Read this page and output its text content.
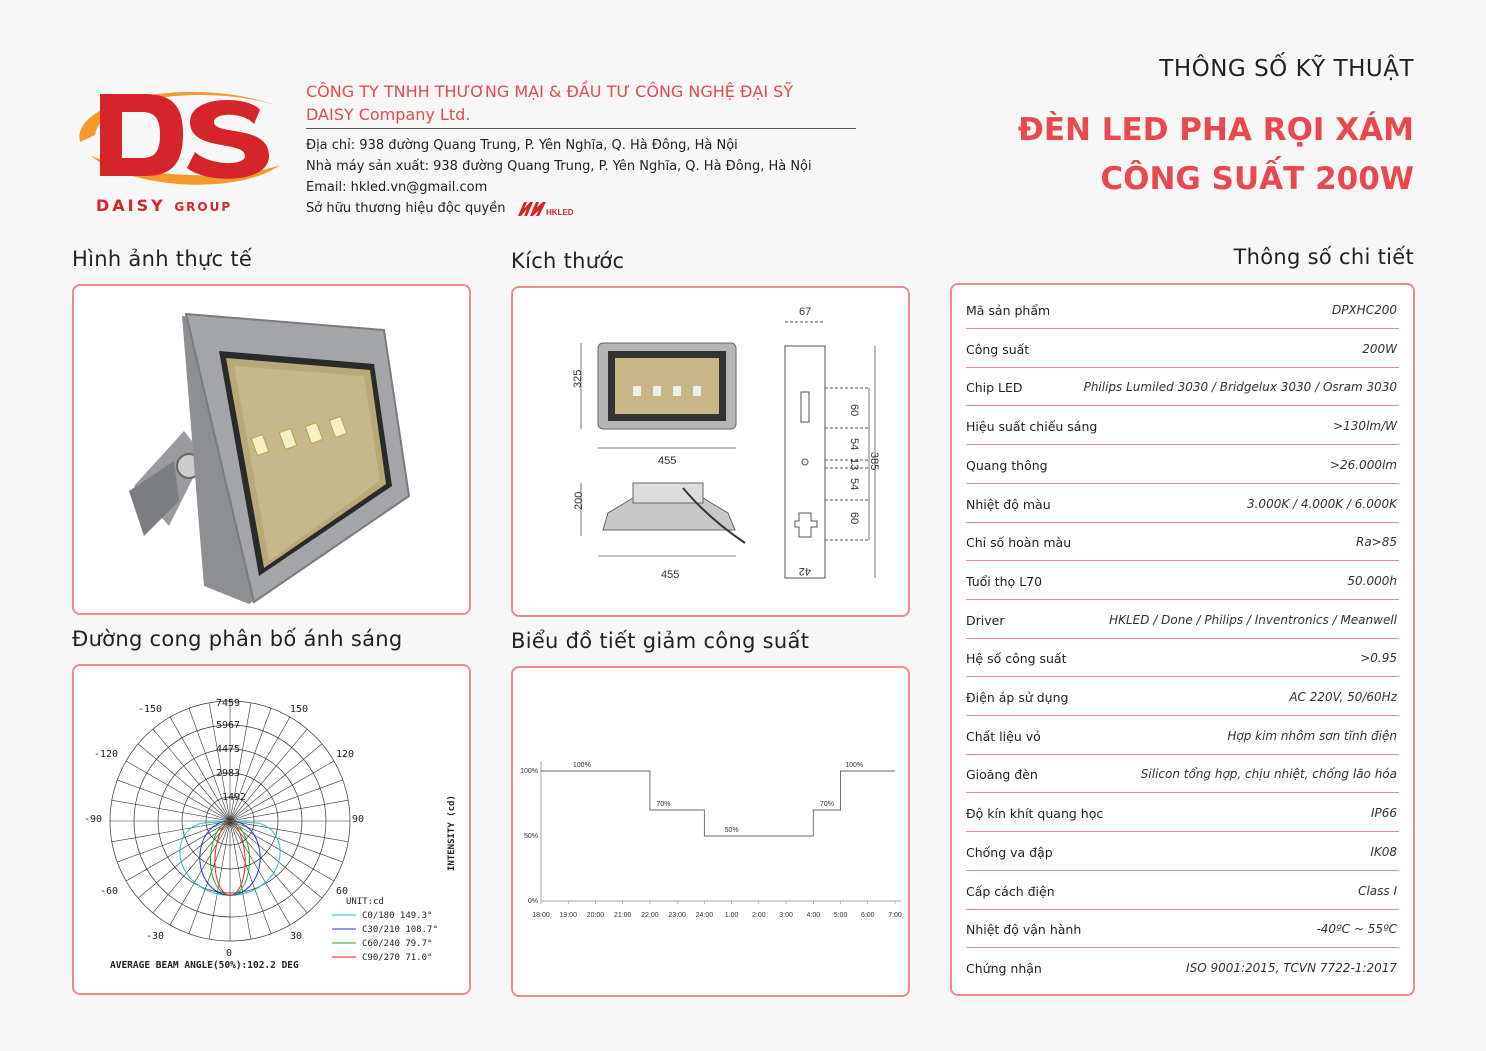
DAISY GROUP
CÔNG TY TNHH THƯƠNG MẠI & ĐẦU TƯ CÔNG NGHỆ ĐẠI SỸ
DAISY Company Ltd.
Địa chỉ: 938 đường Quang Trung, P. Yên Nghĩa, Q. Hà Đông, Hà Nội
Nhà máy sản xuất: 938 đường Quang Trung, P. Yên Nghĩa, Q. Hà Đông, Hà Nội
Email: hkled.vn@gmail.com
Sở hữu thương hiệu độc quyền	HKLED
THÔNG SỐ KỸ THUẬT
ĐÈN LED PHA RỌI XÁM
CÔNG SUẤT 200W
Hình ảnh thực tế	Kích thước	Thông số chi tiết
Đường cong phân bố ánh sáng	Biểu đồ tiết giảm công suất
325
455
200
455
67
60
54
13
54
60
385
42
7459
5967
4475
2983
1492
-150
-120
-90
-60
-30
150
120
90
60
30
0
INTENSITY (cd)
UNIT:cd
C0/180 149.3°
C30/210 108.7°
C60/240 79.7°
C90/270 71.0°
AVERAGE BEAM ANGLE(50%):102.2 DEG
0%
50%
100%
18:00 19:00 20:00 21:00 22:00 23:00 24:00 1:00 2:00 3:00 4:00 5:00 6:00 7:00
100%
70%
50%
70%
100%
Mã sản phẩm	DPXHC200
Công suất	200W
Chip LED	Philips Lumiled 3030 / Bridgelux 3030 / Osram 3030
Hiệu suất chiếu sáng	>130lm/W
Quang thông	>26.000lm
Nhiệt độ màu	3.000K / 4.000K / 6.000K
Chỉ số hoàn màu	Ra>85
Tuổi thọ L70	50.000h
Driver	HKLED / Done / Philips / Inventronics / Meanwell
Hệ số công suất	>0.95
Điện áp sử dụng	AC 220V, 50/60Hz
Chất liệu vỏ	Hợp kim nhôm sơn tĩnh điện
Gioăng đèn	Silicon tổng hợp, chịu nhiệt, chống lão hóa
Độ kín khít quang học	IP66
Chống va đập	IK08
Cấp cách điện	Class I
Nhiệt độ vận hành	-40ºC ~ 55ºC
Chứng nhận	ISO 9001:2015, TCVN 7722-1:2017
